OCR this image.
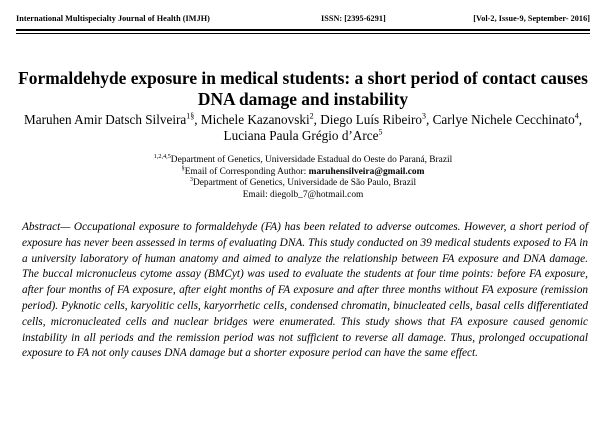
International Multispecialty Journal of Health (IMJH)	ISSN: [2395-6291]	[Vol-2, Issue-9, September- 2016]
Formaldehyde exposure in medical students: a short period of contact causes DNA damage and instability
Maruhen Amir Datsch Silveira$^{1\S}$, Michele Kazanovski$^2$, Diego Luís Ribeiro$^3$, Carlye Nichele Cecchinato$^4$, Luciana Paula Grégio d’Arce$^5$
$^{1,2,4,5}$Department of Genetics, Universidade Estadual do Oeste do Paraná, Brazil
§Email of Corresponding Author: maruhensilveira@gmail.com
$^3$Department of Genetics, Universidade de São Paulo, Brazil
Email: diegolb_7@hotmail.com
Abstract— Occupational exposure to formaldehyde (FA) has been related to adverse outcomes. However, a short period of exposure has never been assessed in terms of evaluating DNA. This study conducted on 39 medical students exposed to FA in a university laboratory of human anatomy and aimed to analyze the relationship between FA exposure and DNA damage. The buccal micronucleus cytome assay (BMCyt) was used to evaluate the students at four time points: before FA exposure, after four months of FA exposure, after eight months of FA exposure and after three months without FA exposure (remission period). Pyknotic cells, karyolitic cells, karyorrhetic cells, condensed chromatin, binucleated cells, basal cells differentiated cells, micronucleated cells and nuclear bridges were enumerated. This study shows that FA exposure caused genomic instability in all periods and the remission period was not sufficient to reverse all damage. Thus, prolonged occupational exposure to FA not only causes DNA damage but a shorter exposure period can have the same effect.
